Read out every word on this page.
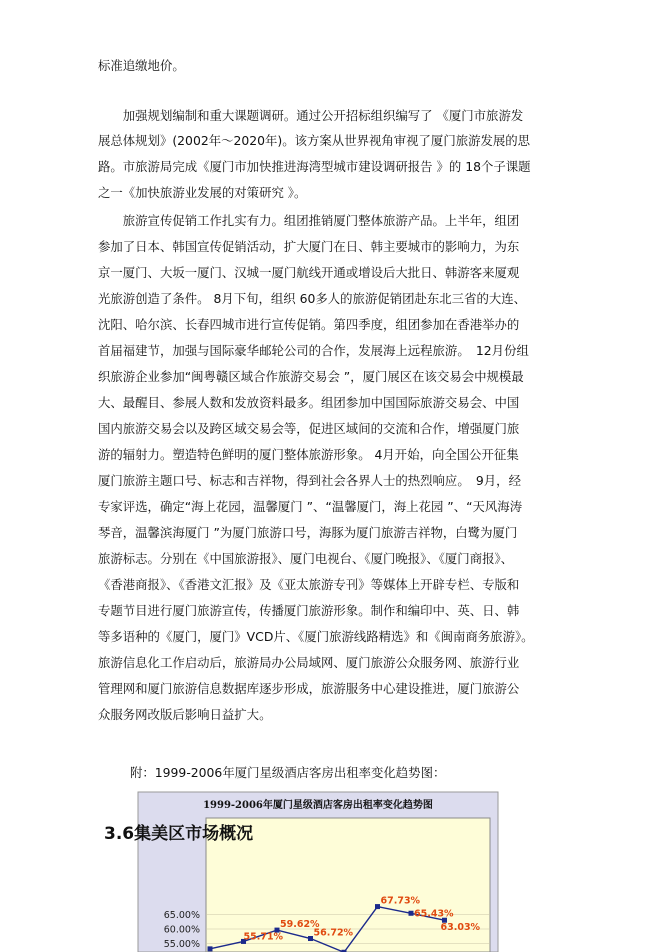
标准追缴地价。

　　加强规划编制和重大课题调研。通过公开招标组织编写了 《厦门市旅游发

展总体规划》(2002年～2020年)。该方案从世界视角审视了厦门旅游发展的思

路。市旅游局完成《厦门市加快推进海湾型城市建设调研报告 》的 18个子课题

之一《加快旅游业发展的对策研究 》。

　　旅游宣传促销工作扎实有力。组团推销厦门整体旅游产品。上半年，组团

参加了日本、韩国宣传促销活动，扩大厦门在日、韩主要城市的影响力，为东

京一厦门、大坂一厦门、汉城一厦门航线开通或增设后大批日、韩游客来厦观

光旅游创造了条件。 8月下旬，组织 60多人的旅游促销团赴东北三省的大连、

沈阳、哈尔滨、长春四城市进行宣传促销。第四季度，组团参加在香港举办的

首届福建节，加强与国际豪华邮轮公司的合作，发展海上远程旅游。　12月份组

织旅游企业参加“闽粤赣区域合作旅游交易会 ”，厦门展区在该交易会中规模最

大、最醒目、参展人数和发放资料最多。组团参加中国国际旅游交易会、中国

国内旅游交易会以及跨区域交易会等，促进区域间的交流和合作，增强厦门旅

游的辐射力。塑造特色鲜明的厦门整体旅游形象。 4月开始，向全国公开征集

厦门旅游主题口号、标志和吉祥物，得到社会各界人士的热烈响应。　9月，经

专家评选，确定“海上花园，温馨厦门 ”、“温馨厦门，海上花园 ”、“天风海涛

琴音，温馨滨海厦门 ”为厦门旅游口号，海豚为厦门旅游吉祥物，白鹭为厦门

旅游标志。分别在《中国旅游报》、厦门电视台、《厦门晚报》、《厦门商报》、

《香港商报》、《香港文汇报》及《亚太旅游专刊》等媒体上开辟专栏、专版和

专题节目进行厦门旅游宣传，传播厦门旅游形象。制作和编印中、英、日、韩

等多语种的《厦门，厦门》VCD片、《厦门旅游线路精选》和《闽南商务旅游》。

旅游信息化工作启动后，旅游局办公局域网、厦门旅游公众服务网、旅游行业

管理网和厦门旅游信息数据库逐步形成，旅游服务中心建设推进，厦门旅游公

众服务网改版后影响日益扩大。

附：1999-2006年厦门星级酒店客房出租率变化趋势图：

1999-2006年厦门星级酒店客房出租率变化趋势图
55.00%
60.00%
65.00%
55.71%
59.62%
56.72%
67.73%
65.43%
63.03%

3.6集美区市场概况
